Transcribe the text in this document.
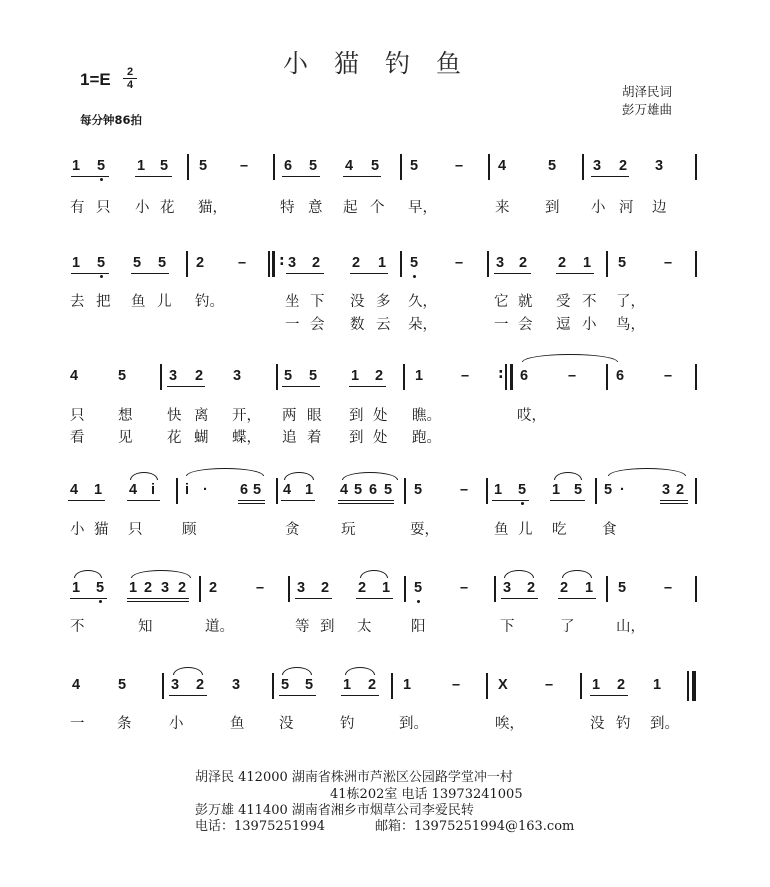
小猫钓鱼
1=E	2
4
每分钟86拍
胡泽民词
彭万雄曲
1 5 1 5 5 – 6 5 4 5 5	– 4	5	3 2 3
有 只 小 花 猫，	特 意 起 个 早，	来 到 小 河 边
1 5 5 5 2 – : 3 2 2 1 5	– 3 2 2 1 5	–
去 把 鱼 儿 钓。	坐 下 没 多 久，	它 就 受 不 了，
一 会 数 云 朵，	一 会 逗 小 鸟，
4	5	3 2 3	5 5 1 2 1	– : 6	–	6	–
只 想 快 离 开， 两 眼 到 处 瞧。	哎，
看 见 花 蝴 蝶， 追 着 到 处 跑。
4 1 4 i i · 6 5 4 1 4 5 6 5 5	– 1 5 1 5 5 ·	3 2
小 猫 只	顾	贪	玩	耍，	鱼 儿 吃 食
1 5 1 2 3 2 2	– 3 2 2 1 5	– 3 2 2 1 5	–
不	知	道。	等 到 太	阳	下	了	山，
4	5	3 2 3	5 5 1 2 1	–	X	–	1 2 1
一 条	小	鱼 没	钓	到。	唉，	没 钓 到。
胡泽民 412000 湖南省株洲市芦淞区公园路学堂冲一村
41栋202室 电话 13973241005
彭万雄 411400 湖南省湘乡市烟草公司李爱民转
电话：13975251994	邮箱：13975251994@163.com
